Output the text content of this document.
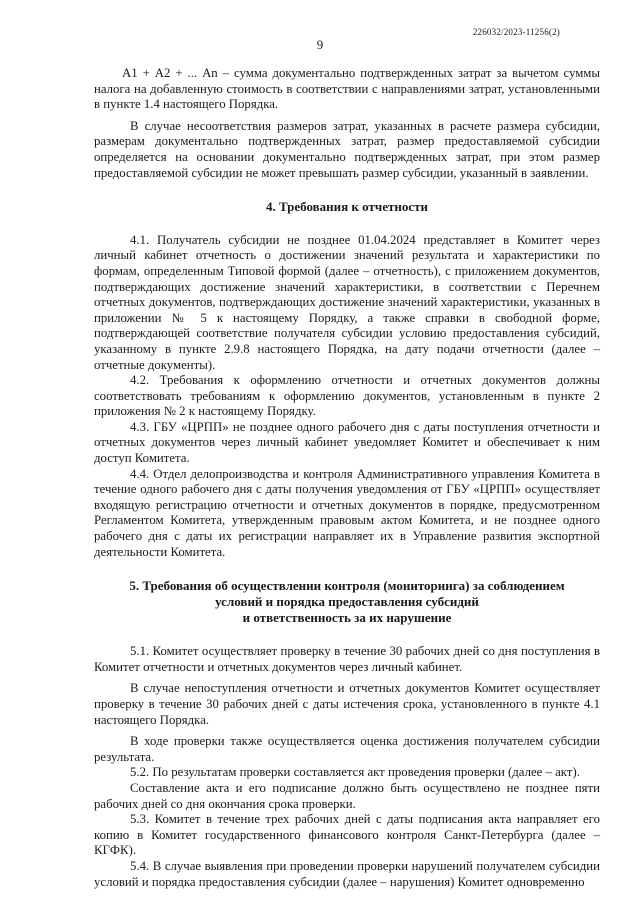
226032/2023-11256(2)
9

А1 + А2 + ... Аn – сумма документально подтвержденных затрат за вычетом суммы налога на добавленную стоимость в соответствии с направлениями затрат, установленными в пункте 1.4 настоящего Порядка.

В случае несоответствия размеров затрат, указанных в расчете размера субсидии, размерам документально подтвержденных затрат, размер предоставляемой субсидии определяется на основании документально подтвержденных затрат, при этом размер предоставляемой субсидии не может превышать размер субсидии, указанный в заявлении.

4. Требования к отчетности

4.1. Получатель субсидии не позднее 01.04.2024 представляет в Комитет через личный кабинет отчетность о достижении значений результата и характеристики по формам, определенным Типовой формой (далее – отчетность), с приложением документов, подтверждающих достижение значений характеристики, в соответствии с Перечнем отчетных документов, подтверждающих достижение значений характеристики, указанных в приложении № 5 к настоящему Порядку, а также справки в свободной форме, подтверждающей соответствие получателя субсидии условию предоставления субсидий, указанному в пункте 2.9.8 настоящего Порядка, на дату подачи отчетности (далее – отчетные документы).

4.2. Требования к оформлению отчетности и отчетных документов должны соответствовать требованиям к оформлению документов, установленным в пункте 2 приложения № 2 к настоящему Порядку.

4.3. ГБУ «ЦРПП» не позднее одного рабочего дня с даты поступления отчетности и отчетных документов через личный кабинет уведомляет Комитет и обеспечивает к ним доступ Комитета.

4.4. Отдел делопроизводства и контроля Административного управления Комитета в течение одного рабочего дня с даты получения уведомления от ГБУ «ЦРПП» осуществляет входящую регистрацию отчетности и отчетных документов в порядке, предусмотренном Регламентом Комитета, утвержденным правовым актом Комитета, и не позднее одного рабочего дня с даты их регистрации направляет их в Управление развития экспортной деятельности Комитета.

5. Требования об осуществлении контроля (мониторинга) за соблюдением
условий и порядка предоставления субсидий
и ответственность за их нарушение

5.1. Комитет осуществляет проверку в течение 30 рабочих дней со дня поступления в Комитет отчетности и отчетных документов через личный кабинет.

В случае непоступления отчетности и отчетных документов Комитет осуществляет проверку в течение 30 рабочих дней с даты истечения срока, установленного в пункте 4.1 настоящего Порядка.

В ходе проверки также осуществляется оценка достижения получателем субсидии результата.

5.2. По результатам проверки составляется акт проведения проверки (далее – акт).

Составление акта и его подписание должно быть осуществлено не позднее пяти рабочих дней со дня окончания срока проверки.

5.3. Комитет в течение трех рабочих дней с даты подписания акта направляет его копию в Комитет государственного финансового контроля Санкт-Петербурга (далее – КГФК).

5.4. В случае выявления при проведении проверки нарушений получателем субсидии условий и порядка предоставления субсидии (далее – нарушения) Комитет одновременно
